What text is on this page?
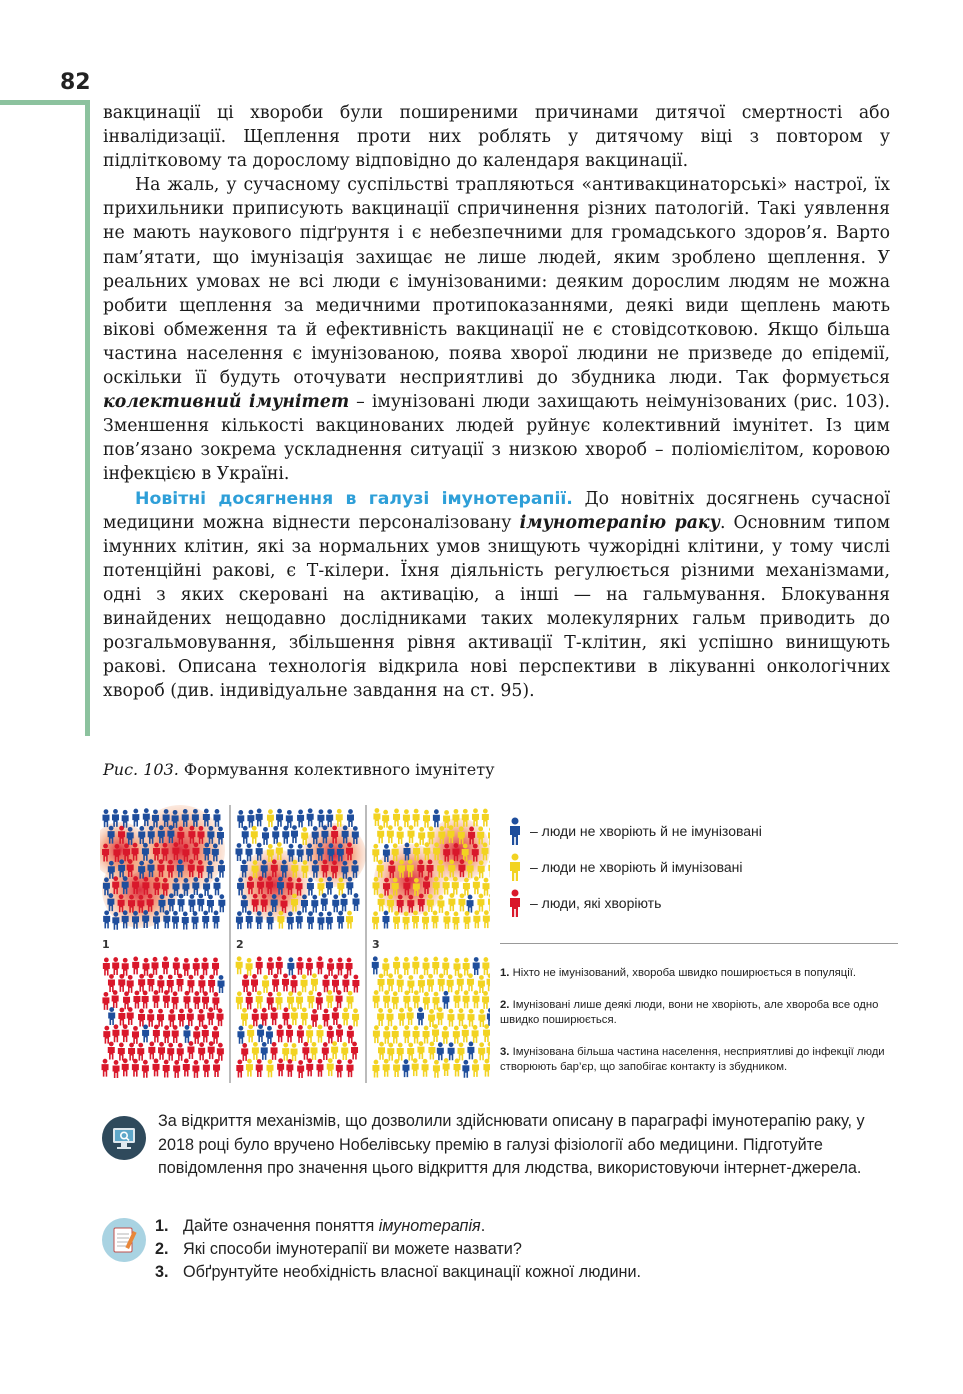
82

вакцинації ці хвороби були поширеними причинами дитячої смертності або інвалідизації. Щеплення проти них роблять у дитячому віці з повтором у підлітковому та дорослому відповідно до календаря вакцинації.

На жаль, у сучасному суспільстві трапляються «антивакцинаторські» настрої, їх прихильники приписують вакцинації спричинення різних патологій. Такі уявлення не мають наукового підґрунтя і є небезпечними для громадського здоров’я. Варто пам’ятати, що імунізація захищає не лише людей, яким зроблено щеплення. У реальних умовах не всі люди є імунізованими: деяким дорослим людям не можна робити щеплення за медичними протипоказаннями, деякі види щеплень мають вікові обмеження та й ефективність вакцинації не є стовідсотковою. Якщо більша частина населення є імунізованою, поява хворої людини не призведе до епідемії, оскільки її будуть оточувати несприятливі до збудника люди. Так формується колективний імунітет – імунізовані люди захищають неімунізованих (рис. 103). Зменшення кількості вакцинованих людей руйнує колективний імунітет. Із цим пов’язано зокрема ускладнення ситуації з низкою хвороб – поліомієлітом, коровою інфекцією в Україні.

Новітні досягнення в галузі імунотерапії. До новітніх досягнень сучасної медицини можна віднести персоналізовану імунотерапію раку. Основним типом імунних клітин, які за нормальних умов знищують чужорідні клітини, у тому числі потенційні ракові, є Т-кілери. Їхня діяльність регулюється різними механізмами, одні з яких скеровані на активацію, а інші — на гальмування. Блокування винайдених нещодавно дослідниками таких молекулярних гальм приводить до розгальмовування, збільшення рівня активації Т-клітин, які успішно винищують ракові. Описана технологія відкрила нові перспективи в лікуванні онкологічних хвороб (див. індивідуальне завдання на ст. 95).

Рис. 103. Формування колективного імунітету
1	2	3
– люди не хворіють й не імунізовані
– люди не хворіють й імунізовані
– люди, які хворіють
1. Ніхто не імунізований, хвороба швидко поширюється в популяції.
2. Імунізовані лише деякі люди, вони не хворіють, але хвороба все одно швидко поширюється.
3. Імунізована більша частина населення, несприятливі до інфекції люди створюють бар’єр, що запобігає контакту із збудником.
За відкриття механізмів, що дозволили здійснювати описану в параграфі імунотерапію раку, у 2018 році було вручено Нобелівську премію в галузі фізіології або медицини. Підготуйте повідомлення про значення цього відкриття для людства, використовуючи інтернет-джерела.
1. Дайте означення поняття імунотерапія.
2. Які способи імунотерапії ви можете назвати?
3. Обґрунтуйте необхідність власної вакцинації кожної людини.
